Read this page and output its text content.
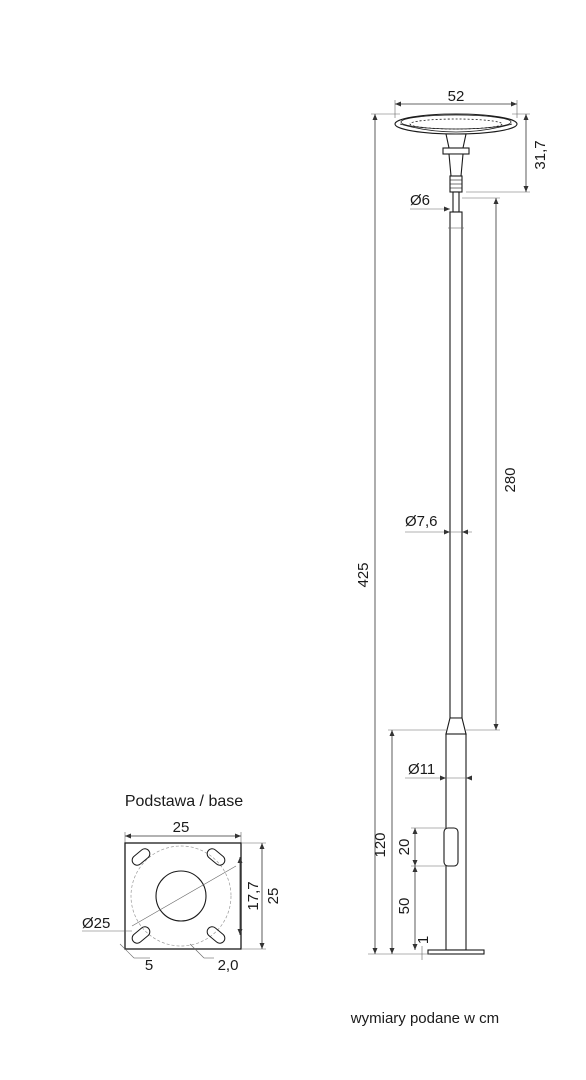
52
31,7
Ø6
425
280
Ø7,6
Ø11
120 20
50
1
Podstawa / base
25
25
17,7
Ø25
5	2,0
wymiary podane w cm
